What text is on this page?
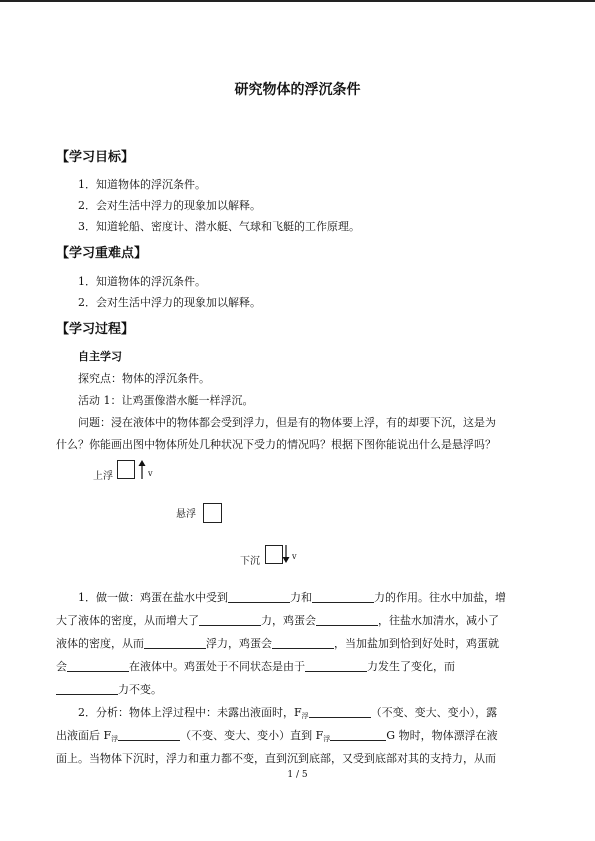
研究物体的浮沉条件
【学习目标】
1．知道物体的浮沉条件。
2．会对生活中浮力的现象加以解释。
3．知道轮船、密度计、潜水艇、气球和飞艇的工作原理。
【学习重难点】
1．知道物体的浮沉条件。
2．会对生活中浮力的现象加以解释。
【学习过程】
自主学习
探究点：物体的浮沉条件。
活动 1：让鸡蛋像潜水艇一样浮沉。
问题：浸在液体中的物体都会受到浮力，但是有的物体要上浮，有的却要下沉，这是为
什么？你能画出图中物体所处几种状况下受力的情况吗？根据下图你能说出什么是悬浮吗？
上浮	v
悬浮
下沉	v
1．做一做：鸡蛋在盐水中受到	力和	力的作用。往水中加盐，增
大了液体的密度，从而增大了	力，鸡蛋会	，往盐水加清水，减小了
液体的密度，从而	浮力，鸡蛋会	，当加盐加到恰到好处时，鸡蛋就
会	在液体中。鸡蛋处于不同状态是由于	力发生了变化，而
力不变。
2．分析：物体上浮过程中：未露出液面时，$F_浮$	（不变、变大、变小），露
出液面后 $F_浮$	（不变、变大、变小）直到 $F_浮$	G 物时，物体漂浮在液
面上。当物体下沉时，浮力和重力都不变，直到沉到底部，又受到底部对其的支持力，从而
1 / 5
